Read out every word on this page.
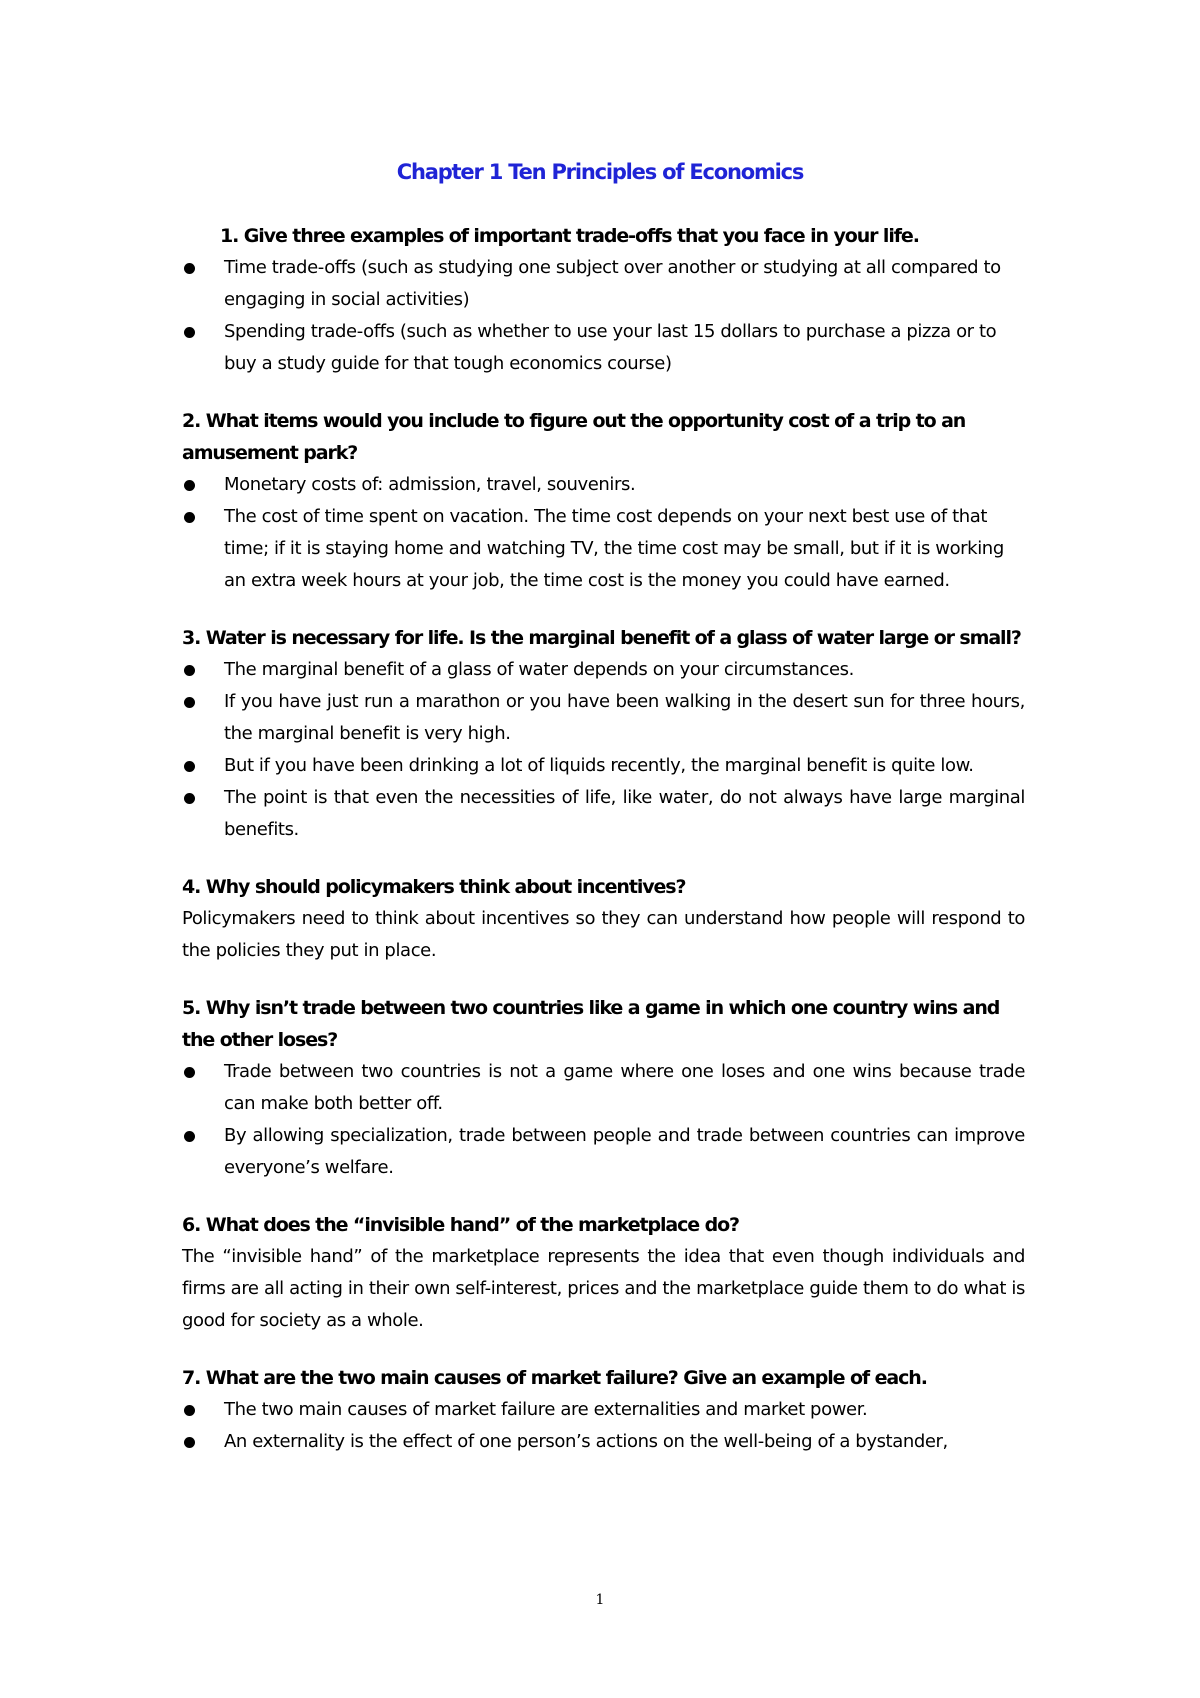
Chapter 1 Ten Principles of Economics

1. Give three examples of important trade-offs that you face in your life.

Time trade-offs (such as studying one subject over another or studying at all compared to engaging in social activities)
Spending trade-offs (such as whether to use your last 15 dollars to purchase a pizza or to buy a study guide for that tough economics course)

2. What items would you include to figure out the opportunity cost of a trip to an amusement park?

Monetary costs of: admission, travel, souvenirs.
The cost of time spent on vacation. The time cost depends on your next best use of that time; if it is staying home and watching TV, the time cost may be small, but if it is working an extra week hours at your job, the time cost is the money you could have earned.

3. Water is necessary for life. Is the marginal benefit of a glass of water large or small?

The marginal benefit of a glass of water depends on your circumstances.
If you have just run a marathon or you have been walking in the desert sun for three hours, the marginal benefit is very high.
But if you have been drinking a lot of liquids recently, the marginal benefit is quite low.
The point is that even the necessities of life, like water, do not always have large marginal benefits.

4. Why should policymakers think about incentives?

Policymakers need to think about incentives so they can understand how people will respond to the policies they put in place.

5. Why isn’t trade between two countries like a game in which one country wins and the other loses?

Trade between two countries is not a game where one loses and one wins because trade can make both better off.
By allowing specialization, trade between people and trade between countries can improve everyone’s welfare.

6. What does the “invisible hand” of the marketplace do?

The “invisible hand” of the marketplace represents the idea that even though individuals and firms are all acting in their own self-interest, prices and the marketplace guide them to do what is good for society as a whole.

7. What are the two main causes of market failure? Give an example of each.

The two main causes of market failure are externalities and market power.
An externality is the effect of one person’s actions on the well-being of a bystander,
1
